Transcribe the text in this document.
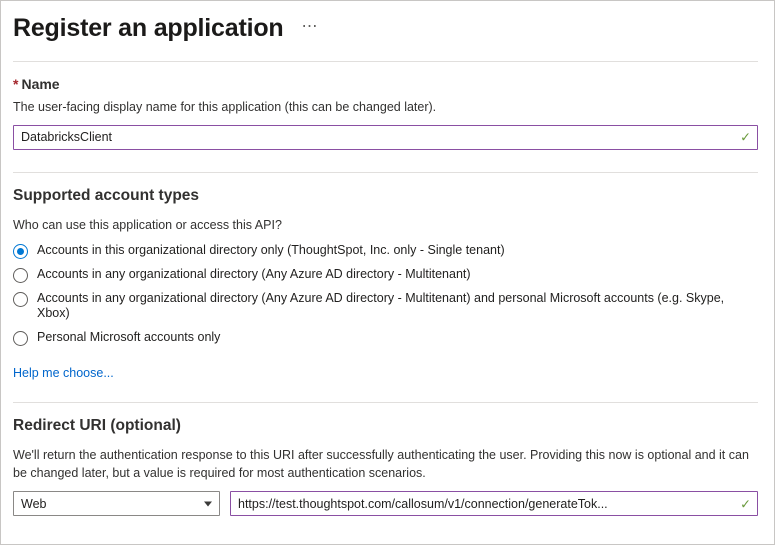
Register an application ⋯
* Name
The user-facing display name for this application (this can be changed later).
DatabricksClient
✓
Supported account types
Who can use this application or access this API?
Accounts in this organizational directory only (ThoughtSpot, Inc. only - Single tenant)
Accounts in any organizational directory (Any Azure AD directory - Multitenant)
Accounts in any organizational directory (Any Azure AD directory - Multitenant) and personal Microsoft accounts (e.g. Skype, Xbox)
Personal Microsoft accounts only
Help me choose...
Redirect URI (optional)
We'll return the authentication response to this URI after successfully authenticating the user. Providing this now is optional and it can be changed later, but a value is required for most authentication scenarios.
Web
https://test.thoughtspot.com/callosum/v1/connection/generateTok...	✓
